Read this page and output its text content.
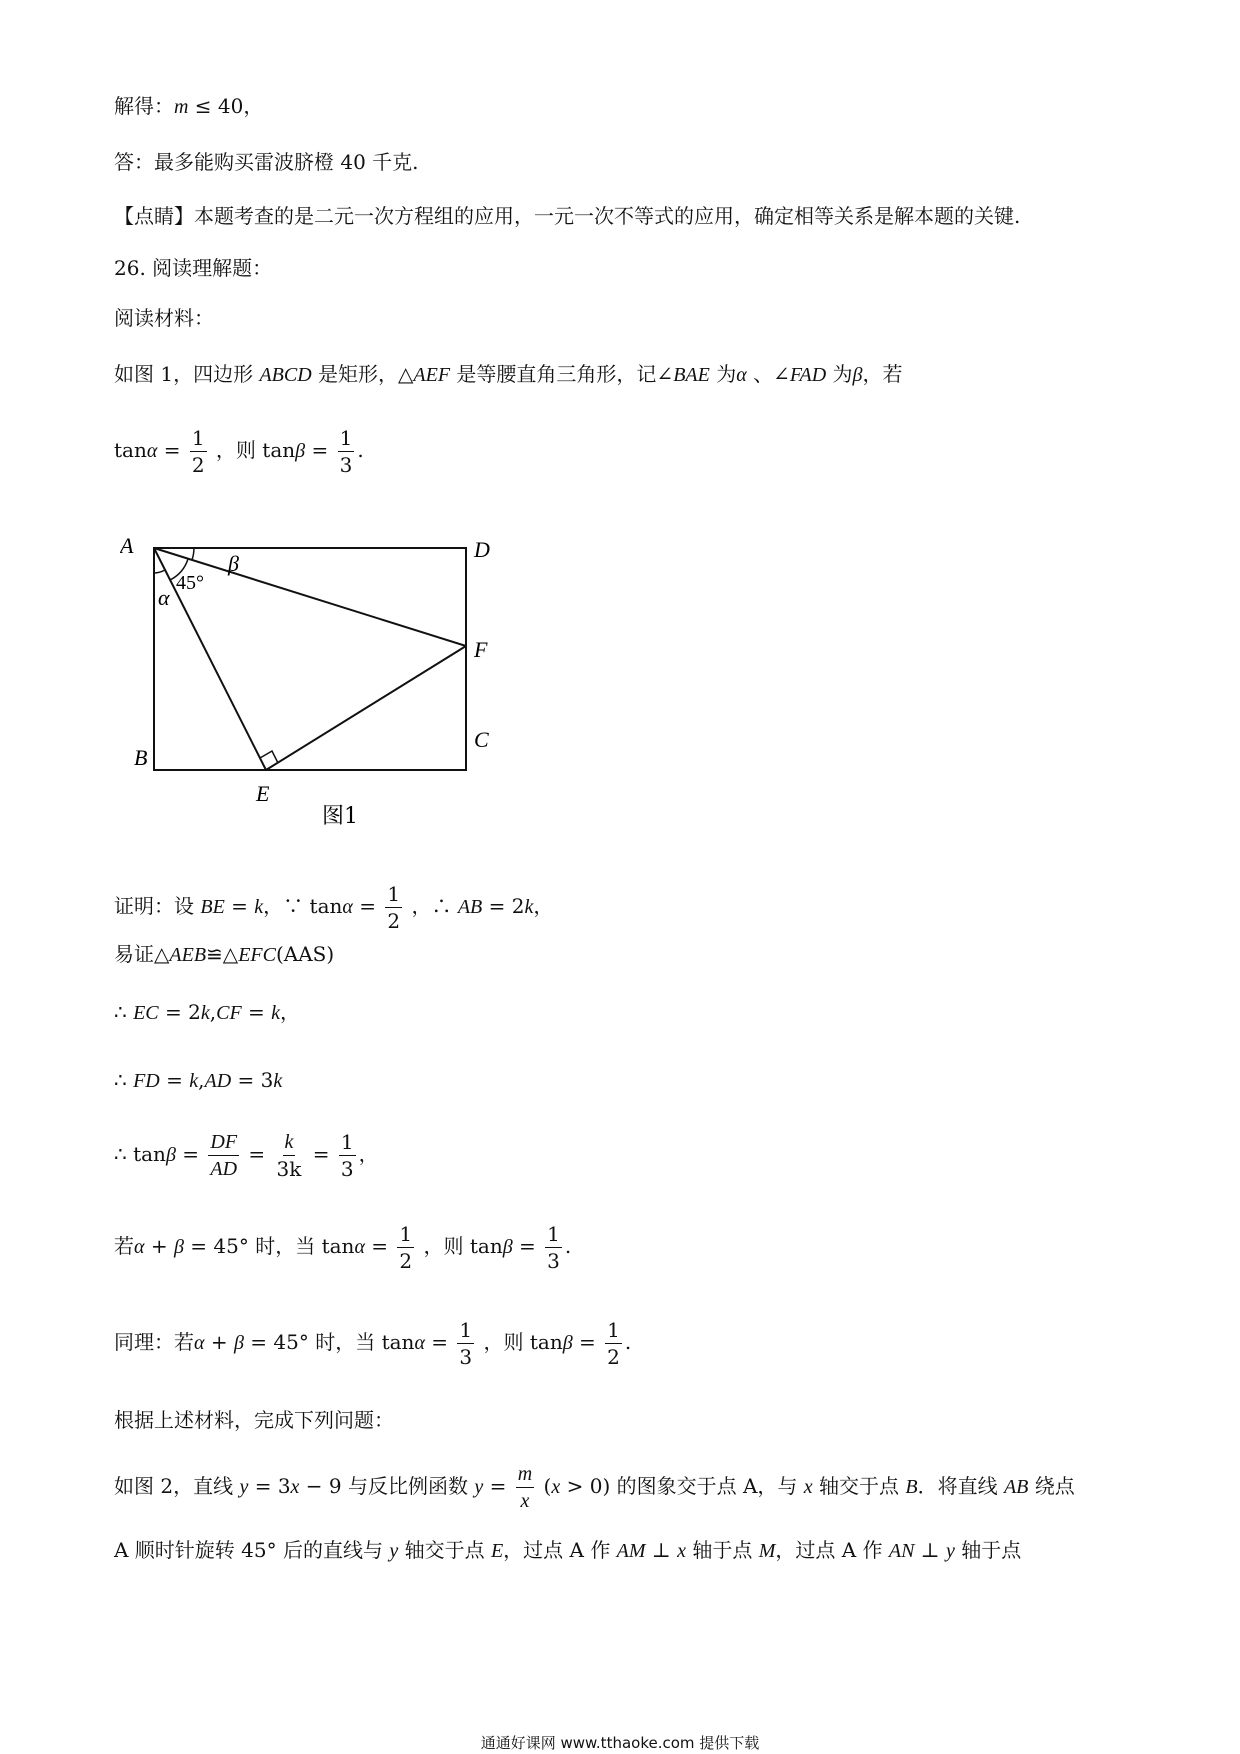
解得：m ≤ 40，
答：最多能购买雷波脐橙 40 千克.
【点睛】本题考查的是二元一次方程组的应用，一元一次不等式的应用，确定相等关系是解本题的关键.
26. 阅读理解题：
阅读材料：
如图 1，四边形 ABCD 是矩形，△AEF 是等腰直角三角形，记∠BAE 为α 、∠FAD 为β，若
$\tan\alpha = \frac{1}{2}$ ，则 $\tan\beta = \frac{1}{3}$ .
A	D
F
C
B
E
β
45°
α
图1
证明：设 BE = k，∵ $\tan\alpha = \frac{1}{2}$ ，∴ AB = 2k，
易证△AEB≌△EFC(AAS)
∴ EC = 2k,CF = k，
∴ FD = k,AD = 3k
∴ $\tan\beta = \frac{DF}{AD} = \frac{k}{3k} = \frac{1}{3}$ ，
若α + β = 45° 时，当 $\tan\alpha = \frac{1}{2}$ ，则 $\tan\beta = \frac{1}{3}$ .
同理：若α + β = 45° 时，当 $\tan\alpha = \frac{1}{3}$ ，则 $\tan\beta = \frac{1}{2}$ .
根据上述材料，完成下列问题：
如图 2，直线 y = 3x − 9 与反比例函数 $y = \frac{m}{x} (x > 0)$ 的图象交于点 A，与 x 轴交于点 B．将直线 AB 绕点
A 顺时针旋转 45° 后的直线与 y 轴交于点 E，过点 A 作 AM ⊥ x 轴于点 M，过点 A 作 AN ⊥ y 轴于点
通通好课网 www.tthaoke.com 提供下载
